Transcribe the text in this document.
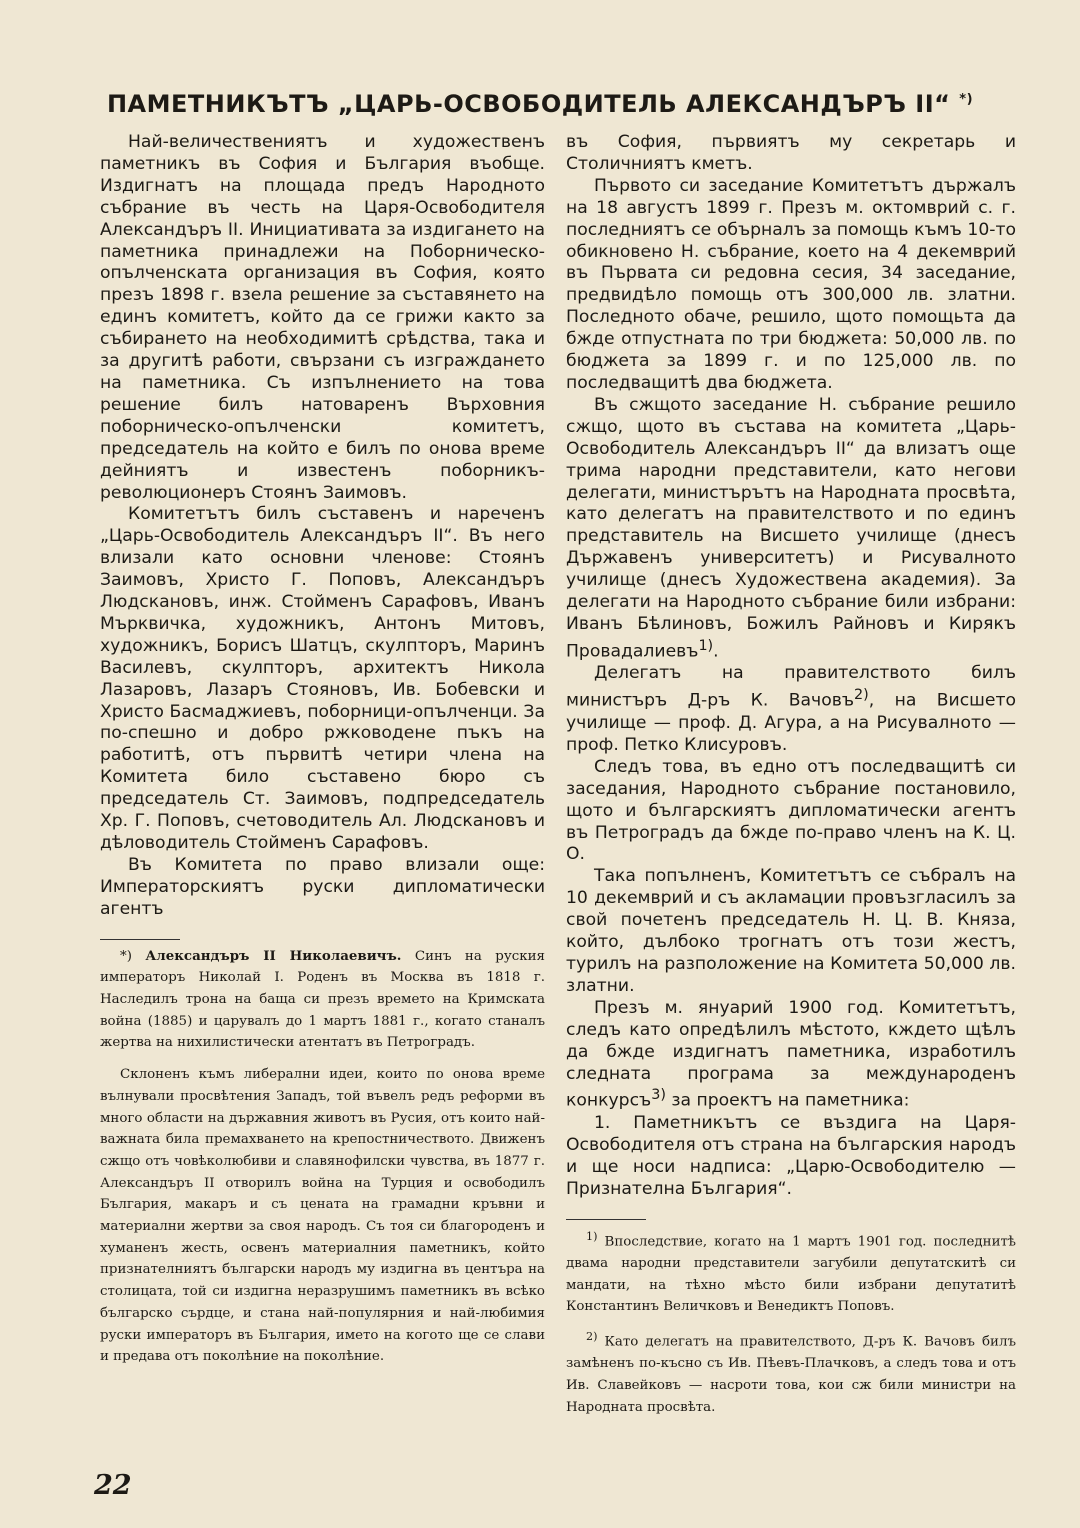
ПАМЕТНИКЪТЪ „ЦАРЬ-ОСВОБОДИТЕЛЬ АЛЕКСАНДЪРЪ II“ *)

Най-величествениятъ и художественъ паметникъ въ София и България въобще. Издигнатъ на площада предъ Народното събрание въ честь на Царя-Освободителя Александъръ II. Инициативата за издигането на паметника принадлежи на Поборническо-опълченската организация въ София, която презъ 1898 г. взела решение за съставянето на единъ комитетъ, който да се грижи както за събирането на необходимитѣ срѣдства, така и за другитѣ работи, свързани съ изграждането на паметника. Съ изпълнението на това решение билъ натоваренъ Върховния поборническо-опълченски комитетъ, председатель на който е билъ по онова време дейниятъ и известенъ поборникъ-революционеръ Стоянъ Заимовъ.

Комитетътъ билъ съставенъ и нареченъ „Царь-Освободитель Александъръ II“. Въ него влизали като основни членове: Стоянъ Заимовъ, Христо Г. Поповъ, Александъръ Людскановъ, инж. Стойменъ Сарафовъ, Иванъ Мърквичка, художникъ, Антонъ Митовъ, художникъ, Борисъ Шатцъ, скулпторъ, Маринъ Василевъ, скулпторъ, архитектъ Никола Лазаровъ, Лазаръ Стояновъ, Ив. Бобевски и Христо Басмаджиевъ, поборници-опълченци. За по-спешно и добро ржководене пъкъ на работитѣ, отъ първитѣ четири члена на Комитета било съставено бюро съ председатель Ст. Заимовъ, подпредседатель Хр. Г. Поповъ, счетоводитель Ал. Людскановъ и дѣловодитель Стойменъ Сарафовъ.

Въ Комитета по право влизали още: Императорскиятъ руски дипломатически агентъ

*) Александъръ II Николаевичъ. Синъ на руския императоръ Николай I. Роденъ въ Москва въ 1818 г. Наследилъ трона на баща си презъ времето на Кримската война (1885) и царувалъ до 1 мартъ 1881 г., когато станалъ жертва на нихилистически атентатъ въ Петроградъ.

Склоненъ къмъ либерални идеи, които по онова време вълнували просвѣтения Западъ, той въвелъ редъ реформи въ много области на държавния животъ въ Русия, отъ които най-важната била премахването на крепостничеството. Движенъ сжщо отъ човѣколюбиви и славянофилски чувства, въ 1877 г. Александъръ II отворилъ война на Турция и освободилъ България, макаръ и съ цената на грамадни кръвни и материални жертви за своя народъ. Съ тоя си благороденъ и хуманенъ жесть, освенъ материалния паметникъ, който признателниятъ български народъ му издигна въ центъра на столицата, той си издигна неразрушимъ паметникъ въ всѣко българско сърдце, и стана най-популярния и най-любимия руски императоръ въ България, името на когото ще се слави и предава отъ поколѣние на поколѣние.

въ София, първиятъ му секретарь и Столичниятъ кметъ.

Първото си заседание Комитетътъ държалъ на 18 августъ 1899 г. Презъ м. октомврий с. г. последниятъ се обърналъ за помощь къмъ 10-то обикновено Н. събрание, което на 4 декемврий въ Първата си редовна сесия, 34 заседание, предвидѣло помощь отъ 300,000 лв. златни. Последното обаче, решило, щото помощьта да бжде отпустната по три бюджета: 50,000 лв. по бюджета за 1899 г. и по 125,000 лв. по последващитѣ два бюджета.

Въ сжщото заседание Н. събрание решило сжщо, щото въ състава на комитета „Царь-Освободитель Александъръ II“ да влизатъ още трима народни представители, като негови делегати, министърътъ на Народната просвѣта, като делегатъ на правителството и по единъ представитель на Висшето училище (днесъ Държавенъ университетъ) и Рисувалното училище (днесъ Художествена академия). За делегати на Народното събрание били избрани: Иванъ Бѣлиновъ, Божилъ Райновъ и Кирякъ Провадалиевъ$^{1)}$.

Делегатъ на правителството билъ министъръ Д-ръ К. Вачовъ$^{2)}$, на Висшето училище — проф. Д. Агура, а на Рисувалното — проф. Петко Клисуровъ.

Следъ това, въ едно отъ последващитѣ си заседания, Народното събрание постановило, щото и българскиятъ дипломатически агентъ въ Петроградъ да бжде по-право членъ на К. Ц. О.

Така попълненъ, Комитетътъ се събралъ на 10 декемврий и съ акламации провъзгласилъ за свой почетенъ председатель Н. Ц. В. Княза, който, дълбоко трогнатъ отъ този жестъ, турилъ на разположение на Комитета 50,000 лв. златни.

Презъ м. януарий 1900 год. Комитетътъ, следъ като опредѣлилъ мѣстото, кждето щѣлъ да бжде издигнатъ паметника, изработилъ следната програма за международенъ конкурсъ$^{3)}$ за проектъ на паметника:

1. Паметникътъ се въздига на Царя-Освободителя отъ страна на българския народъ и ще носи надписа: „Царю-Освободителю — Признателна България“.

$^{1)}$ Впоследствие, когато на 1 мартъ 1901 год. последнитѣ двама народни представители загубили депутатскитѣ си мандати, на тѣхно мѣсто били избрани депутатитѣ Константинъ Величковъ и Венедиктъ Поповъ.

$^{2)}$ Като делегатъ на правителството, Д-ръ К. Вачовъ билъ замѣненъ по-късно съ Ив. Пѣевъ-Плачковъ, а следъ това и отъ Ив. Славейковъ — насроти това, кои сж били министри на Народната просвѣта.

22
